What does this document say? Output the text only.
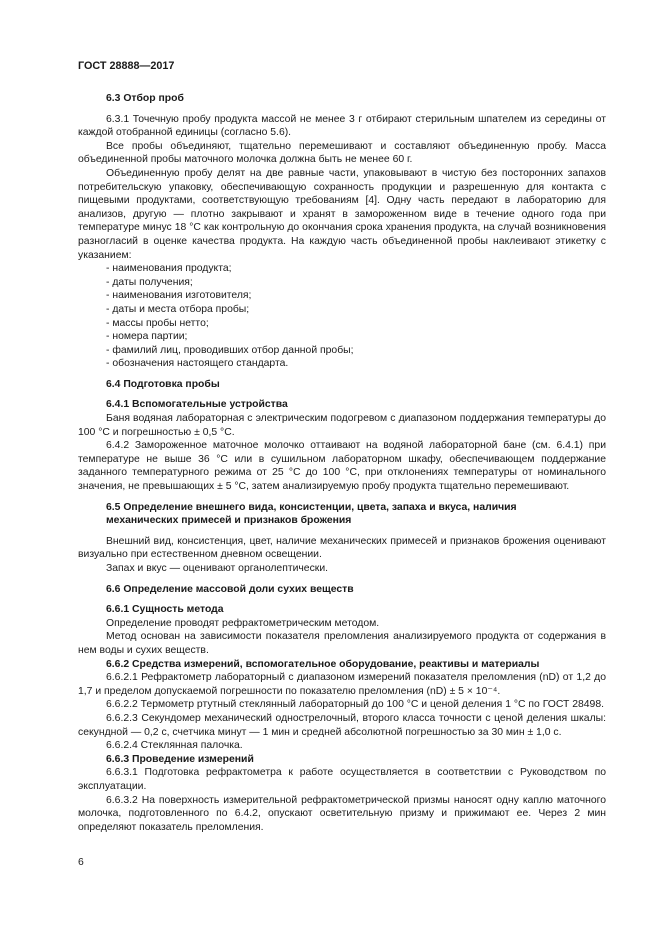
ГОСТ 28888—2017

6.3 Отбор проб

6.3.1 Точечную пробу продукта массой не менее 3 г отбирают стерильным шпателем из середины от каждой отобранной единицы (согласно 5.6).

Все пробы объединяют, тщательно перемешивают и составляют объединенную пробу. Масса объединенной пробы маточного молочка должна быть не менее 60 г.

Объединенную пробу делят на две равные части, упаковывают в чистую без посторонних запахов потребительскую упаковку, обеспечивающую сохранность продукции и разрешенную для контакта с пищевыми продуктами, соответствующую требованиям [4]. Одну часть передают в лабораторию для анализов, другую — плотно закрывают и хранят в замороженном виде в течение одного года при температуре минус 18 °С как контрольную до окончания срока хранения продукта, на случай возникновения разногласий в оценке качества продукта. На каждую часть объединенной пробы наклеивают этикетку с указанием:

- наименования продукта;

- даты получения;

- наименования изготовителя;

- даты и места отбора пробы;

- массы пробы нетто;

- номера партии;

- фамилий лиц, проводивших отбор данной пробы;

- обозначения настоящего стандарта.

6.4 Подготовка пробы

6.4.1 Вспомогательные устройства

Баня водяная лабораторная с электрическим подогревом с диапазоном поддержания температуры до 100 °С и погрешностью ± 0,5 °С.

6.4.2 Замороженное маточное молочко оттаивают на водяной лабораторной бане (см. 6.4.1) при температуре не выше 36 °С или в сушильном лабораторном шкафу, обеспечивающем поддержание заданного температурного режима от 25 °С до 100 °С, при отклонениях температуры от номинального значения, не превышающих ± 5 °С, затем анализируемую пробу продукта тщательно перемешивают.

6.5 Определение внешнего вида, консистенции, цвета, запаха и вкуса, наличия

механических примесей и признаков брожения

Внешний вид, консистенция, цвет, наличие механических примесей и признаков брожения оценивают визуально при естественном дневном освещении.

Запах и вкус — оценивают органолептически.

6.6 Определение массовой доли сухих веществ

6.6.1 Сущность метода

Определение проводят рефрактометрическим методом.

Метод основан на зависимости показателя преломления анализируемого продукта от содержания в нем воды и сухих веществ.

6.6.2 Средства измерений, вспомогательное оборудование, реактивы и материалы

6.6.2.1 Рефрактометр лабораторный с диапазоном измерений показателя преломления (nD) от 1,2 до 1,7 и пределом допускаемой погрешности по показателю преломления (nD) ± 5 × 10⁻⁴.

6.6.2.2 Термометр ртутный стеклянный лабораторный до 100 °С и ценой деления 1 °С по ГОСТ 28498.

6.6.2.3 Секундомер механический однострелочный, второго класса точности с ценой деления шкалы: секундной — 0,2 с, счетчика минут — 1 мин и средней абсолютной погрешностью за 30 мин ± 1,0 с.

6.6.2.4 Стеклянная палочка.

6.6.3 Проведение измерений

6.6.3.1 Подготовка рефрактометра к работе осуществляется в соответствии с Руководством по эксплуатации.

6.6.3.2 На поверхность измерительной рефрактометрической призмы наносят одну каплю маточного молочка, подготовленного по 6.4.2, опускают осветительную призму и прижимают ее. Через 2 мин определяют показатель преломления.

6
